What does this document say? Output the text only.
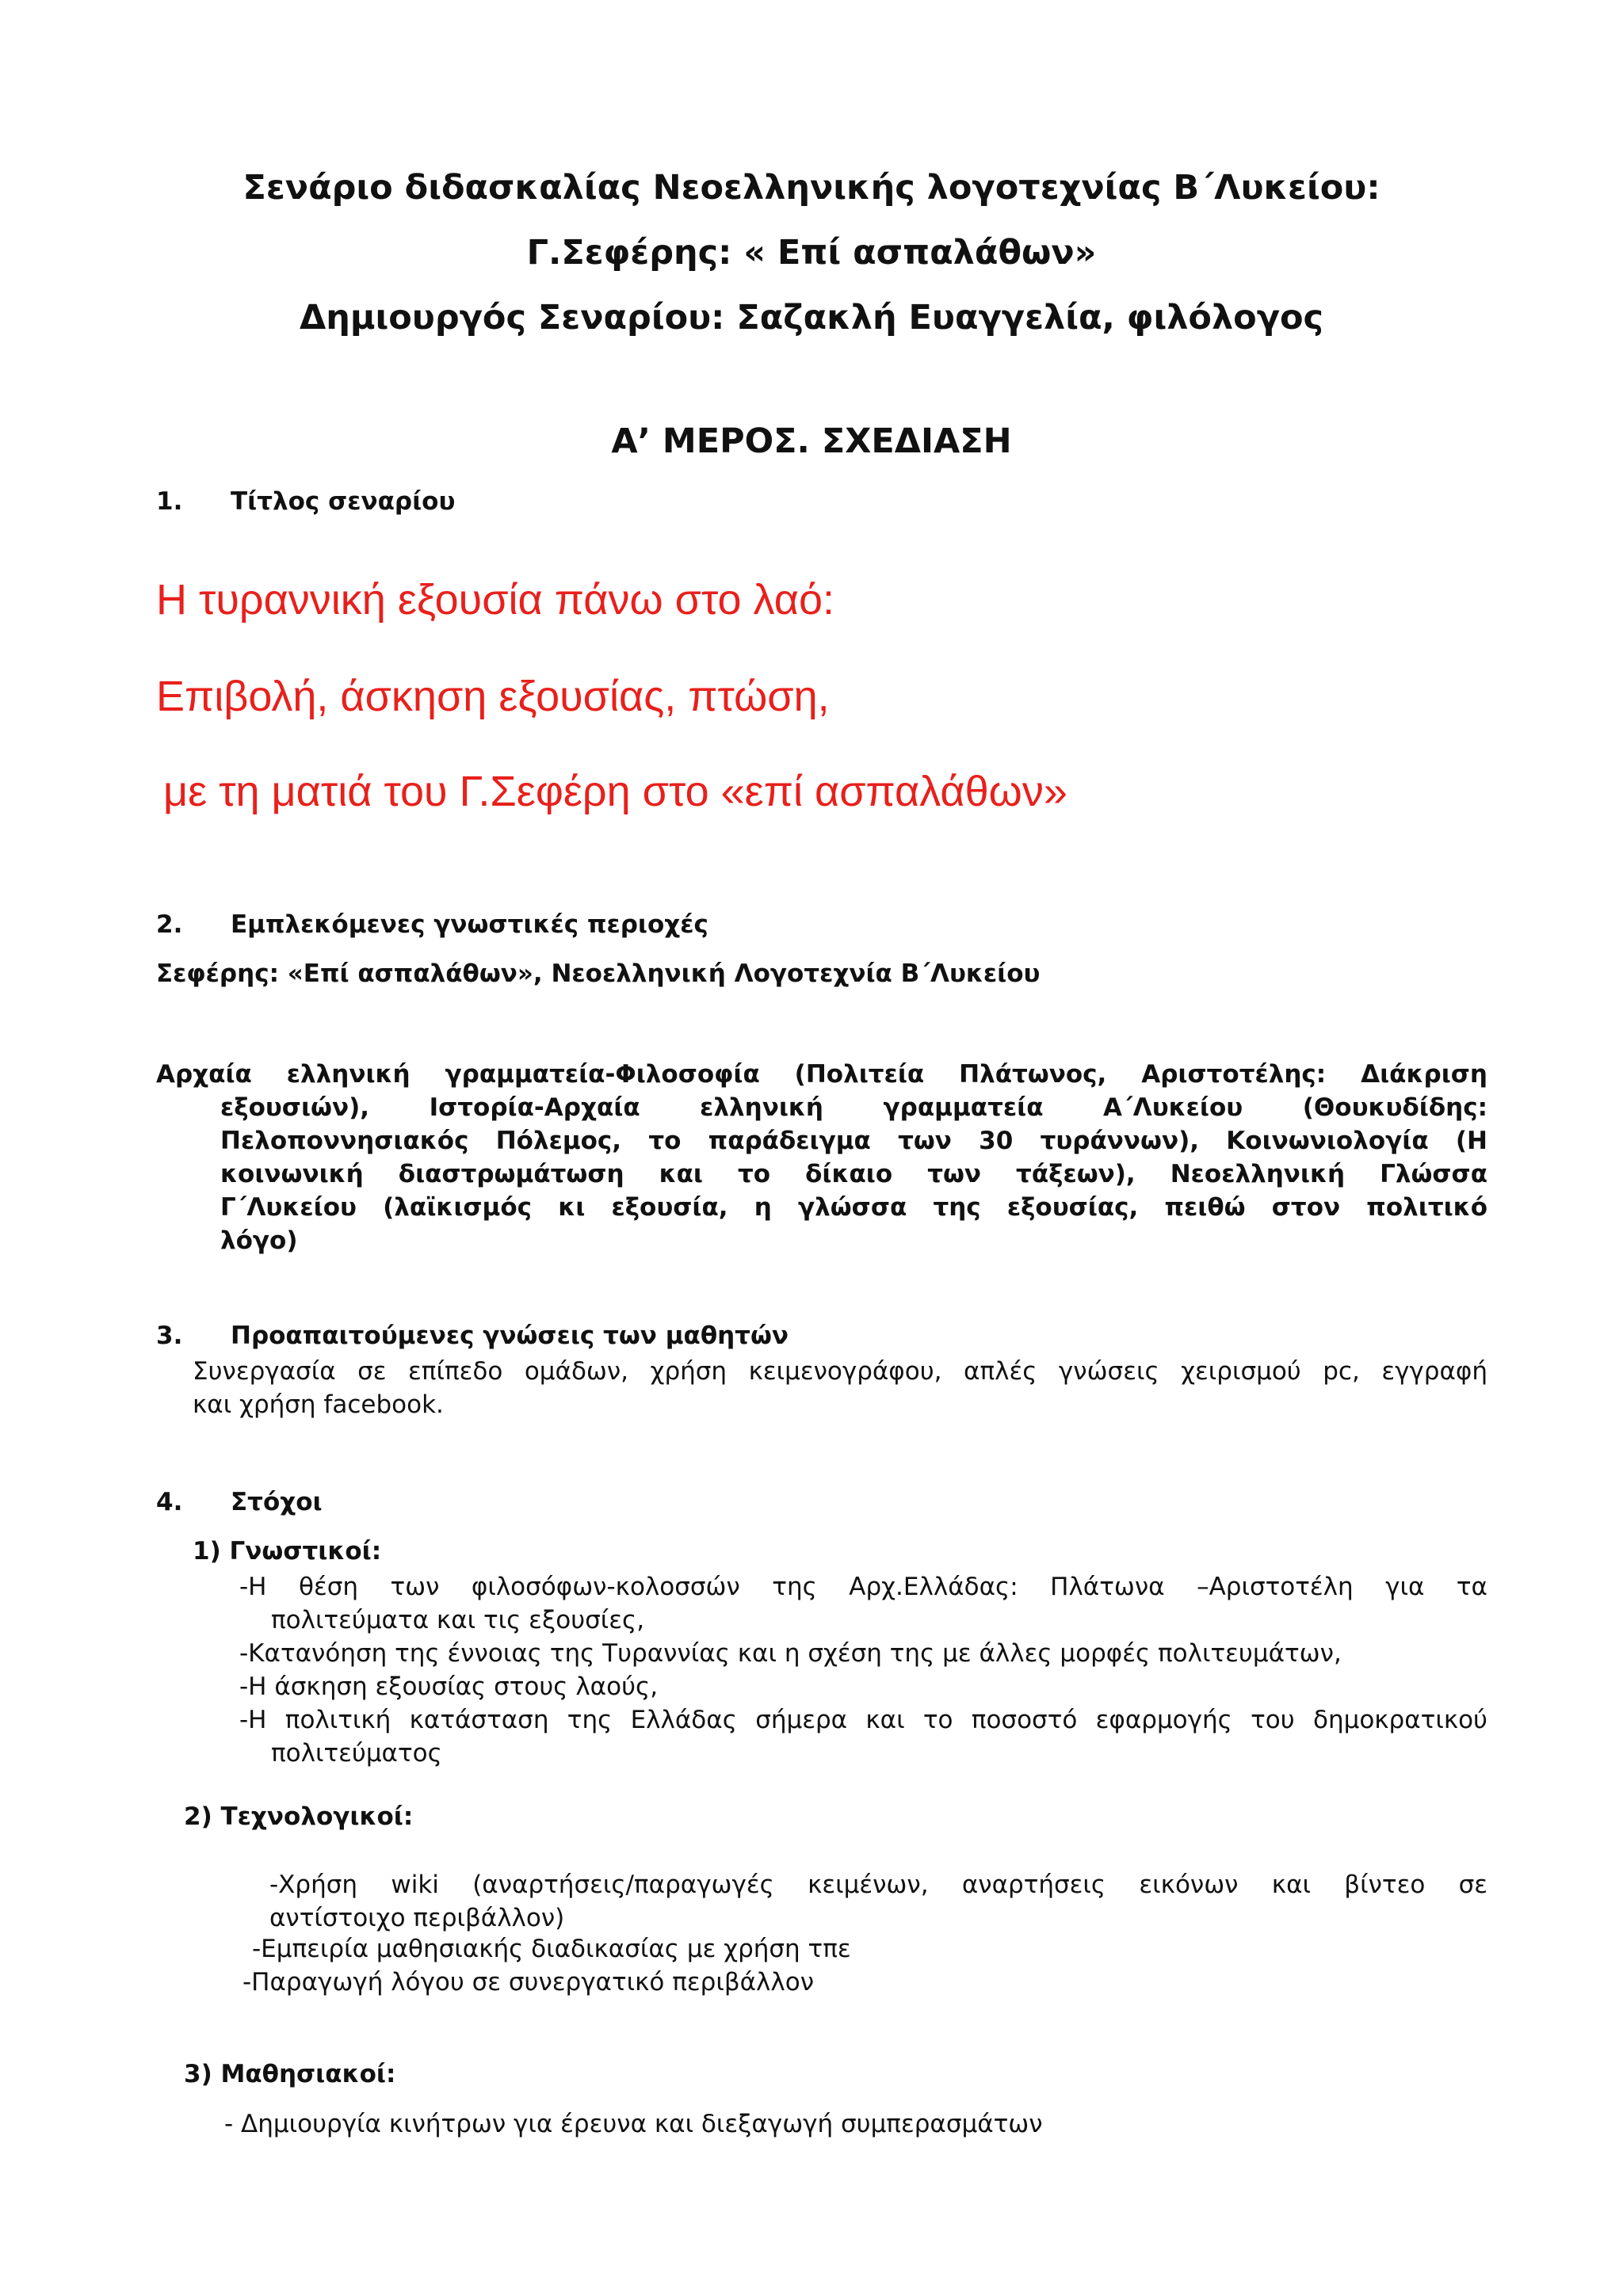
Σενάριο διδασκαλίας Νεοελληνικής λογοτεχνίας Β΄Λυκείου:
Γ.Σεφέρης: « Επί ασπαλάθων»
Δημιουργός Σεναρίου: Σαζακλή Ευαγγελία, φιλόλογος
Α’ ΜΕΡΟΣ. ΣΧΕΔΙΑΣΗ
1. Τίτλος σεναρίου
Η τυραννική εξουσία πάνω στο λαό:
Επιβολή, άσκηση εξουσίας, πτώση,
με τη ματιά του Γ.Σεφέρη στο «επί ασπαλάθων»
2. Εμπλεκόμενες γνωστικές περιοχές
Σεφέρης: «Επί ασπαλάθων», Νεοελληνική Λογοτεχνία Β΄Λυκείου
Αρχαία ελληνική γραμματεία-Φιλοσοφία (Πολιτεία Πλάτωνος, Αριστοτέλης: Διάκριση
εξουσιών), Ιστορία-Αρχαία ελληνική γραμματεία Α΄Λυκείου (Θουκυδίδης:
Πελοποννησιακός Πόλεμος, το παράδειγμα των 30 τυράννων), Κοινωνιολογία (Η
κοινωνική διαστρωμάτωση και το δίκαιο των τάξεων), Νεοελληνική Γλώσσα
Γ΄Λυκείου (λαϊκισμός κι εξουσία, η γλώσσα της εξουσίας, πειθώ στον πολιτικό
λόγο)
3. Προαπαιτούμενες γνώσεις των μαθητών
Συνεργασία σε επίπεδο ομάδων, χρήση κειμενογράφου, απλές γνώσεις χειρισμού pc, εγγραφή
και χρήση facebook.
4. Στόχοι
1) Γνωστικοί:
-Η θέση των φιλοσόφων-κολοσσών της Αρχ.Ελλάδας: Πλάτωνα –Αριστοτέλη για τα
πολιτεύματα και τις εξουσίες,
-Κατανόηση της έννοιας της Τυραννίας και η σχέση της με άλλες μορφές πολιτευμάτων,
-Η άσκηση εξουσίας στους λαούς,
-Η πολιτική κατάσταση της Ελλάδας σήμερα και το ποσοστό εφαρμογής του δημοκρατικού
πολιτεύματος
2) Τεχνολογικοί:
-Χρήση wiki (αναρτήσεις/παραγωγές κειμένων, αναρτήσεις εικόνων και βίντεο σε
αντίστοιχο περιβάλλον)
-Εμπειρία μαθησιακής διαδικασίας με χρήση τπε
-Παραγωγή λόγου σε συνεργατικό περιβάλλον
3) Μαθησιακοί:
- Δημιουργία κινήτρων για έρευνα και διεξαγωγή συμπερασμάτων
